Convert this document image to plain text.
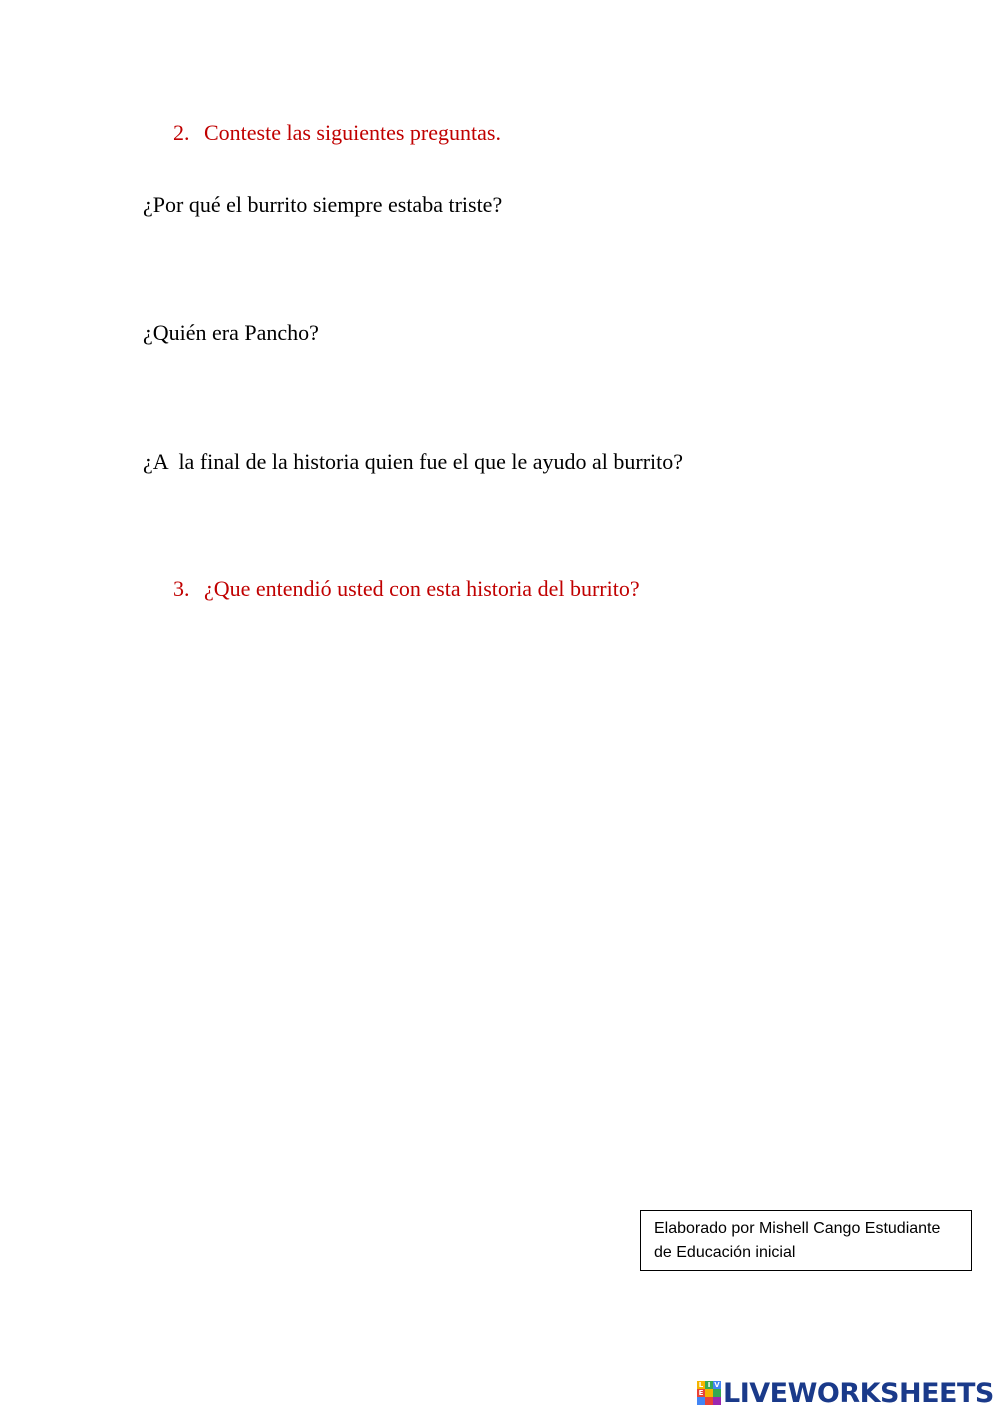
2. Conteste las siguientes preguntas.
¿Por qué el burrito siempre estaba triste?
¿Quién era Pancho?
¿A  la final de la historia quien fue el que le ayudo al burrito?
3. ¿Que entendió usted con esta historia del burrito?
Elaborado por Mishell Cango Estudiante
de Educación inicial
L I V
E LIVEWORKSHEETS
